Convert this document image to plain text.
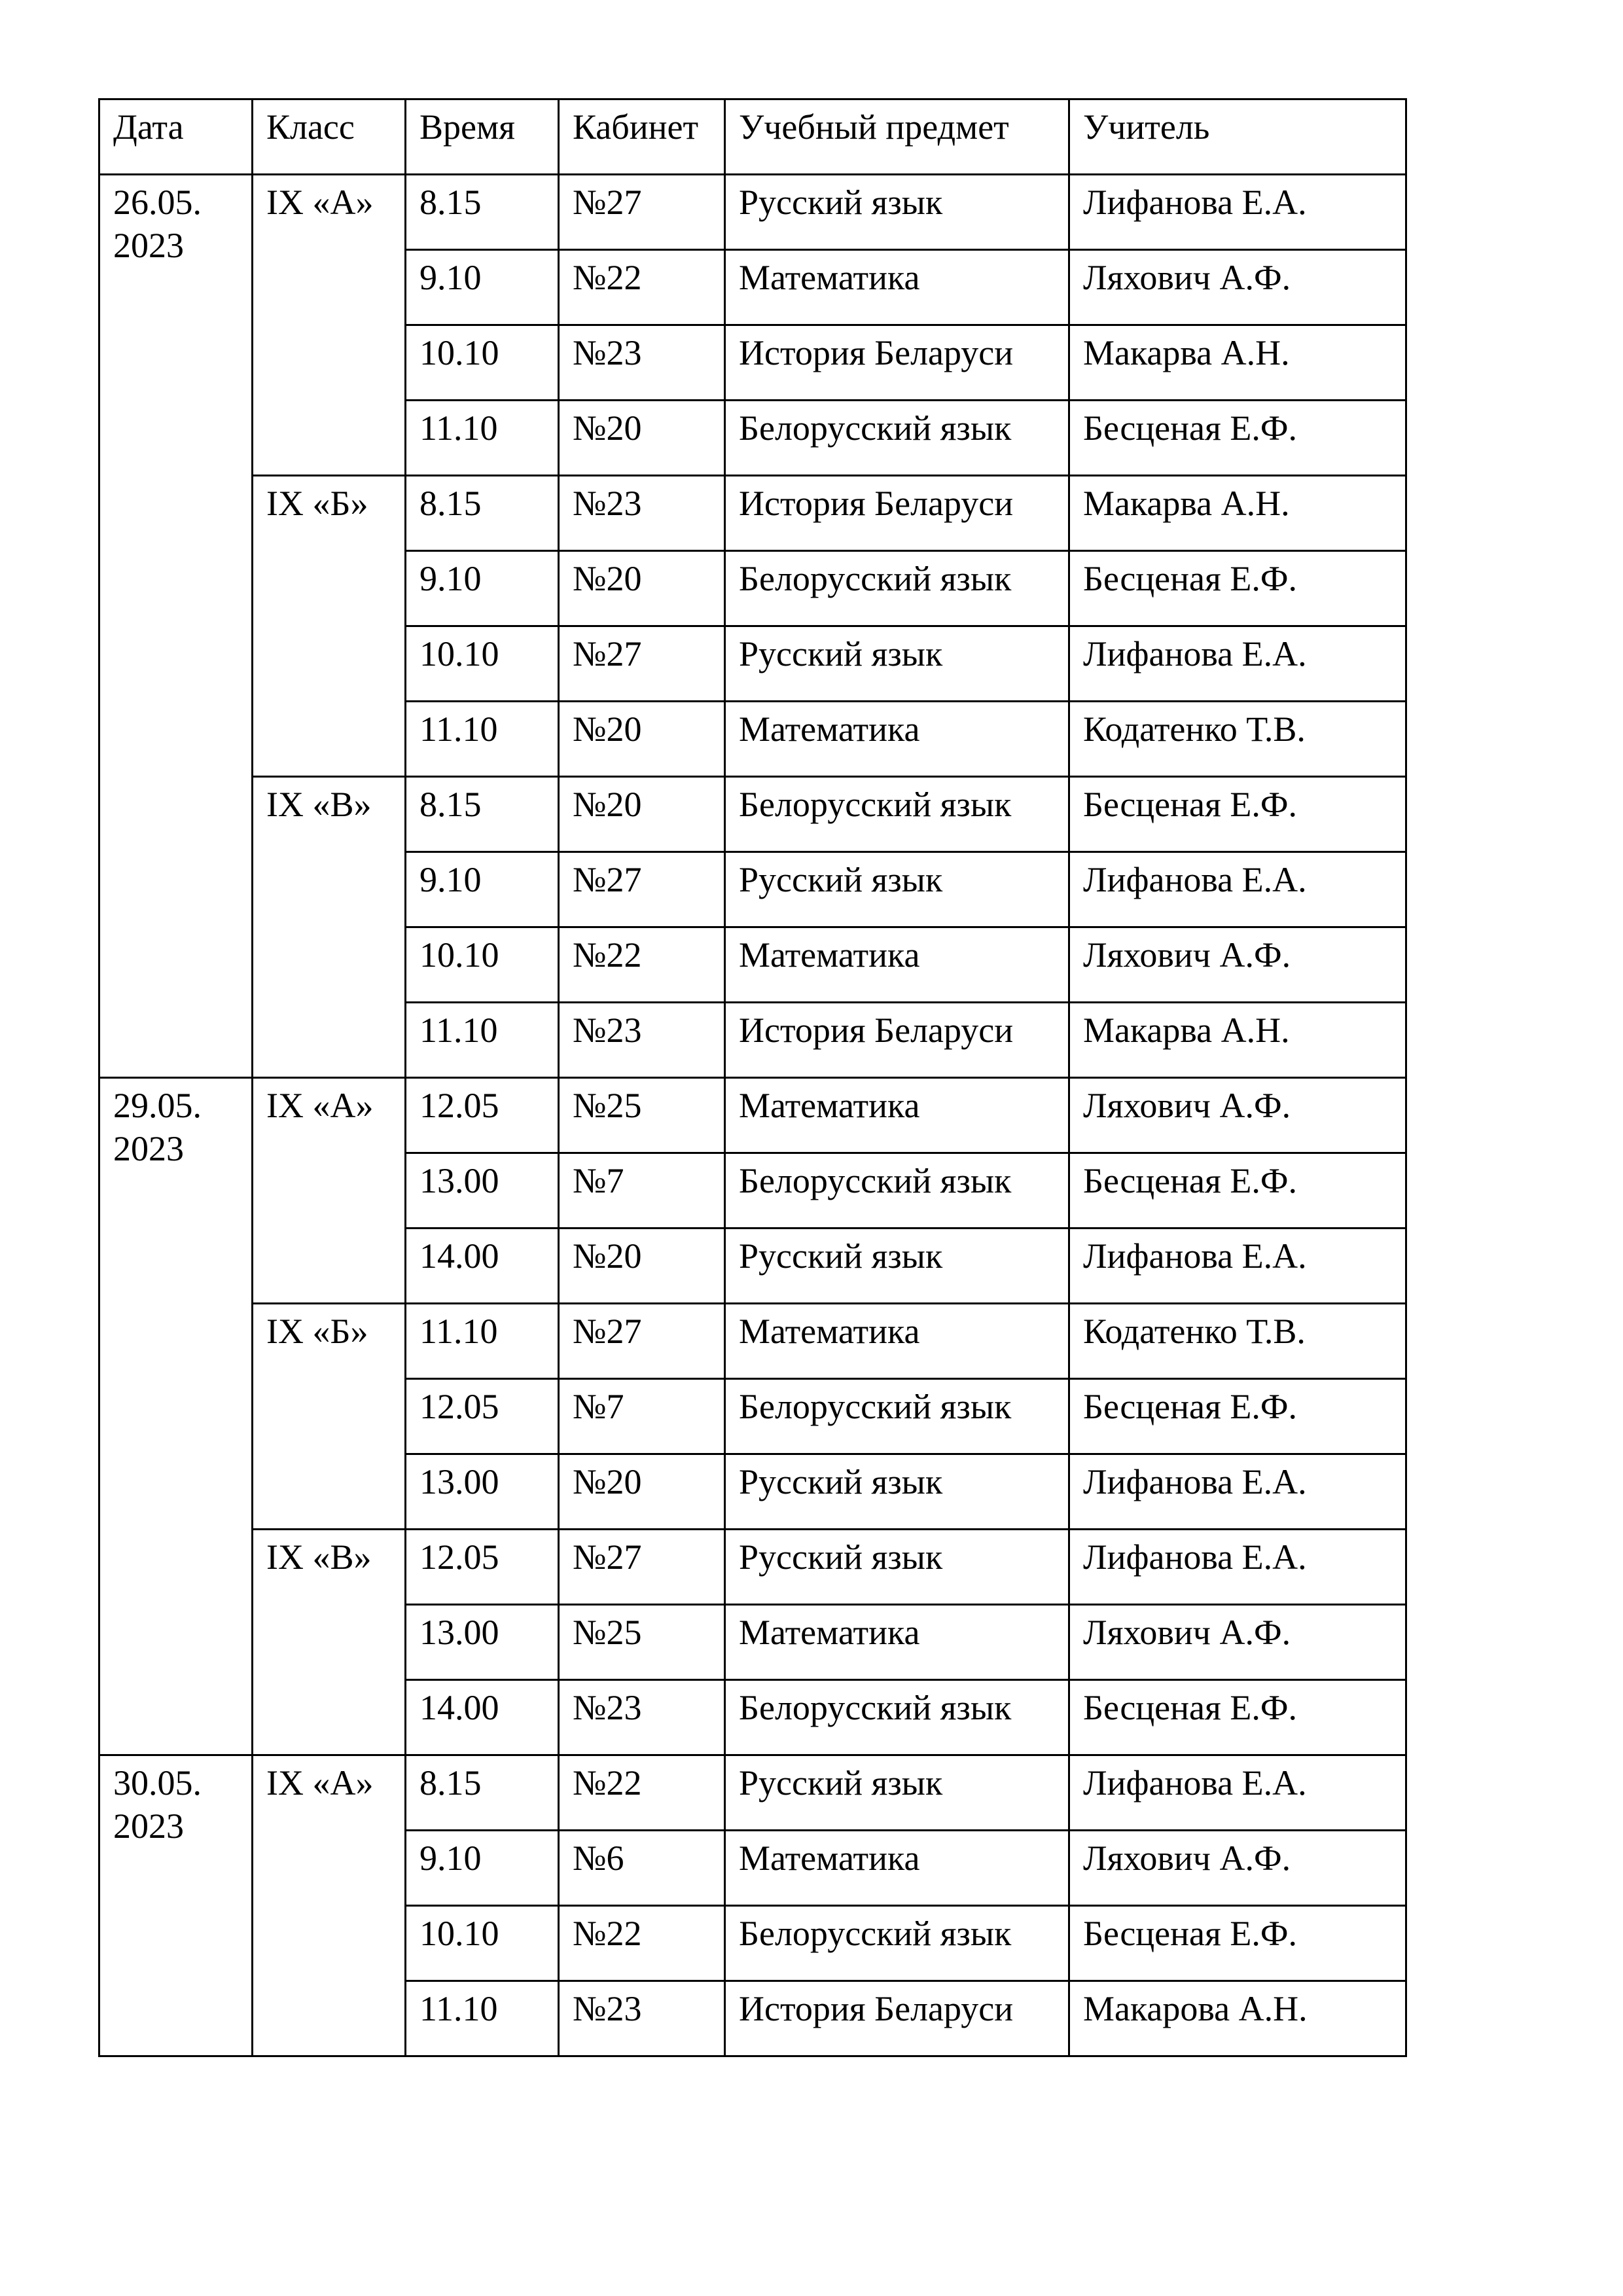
Дата	Класс	Время	Кабинет	Учебный предмет	Учитель

26.05.
2023	IX «А»	8.15	№27	Русский язык	Лифанова Е.А.
		9.10	№22	Математика	Ляхович А.Ф.
		10.10	№23	История Беларуси	Макарва А.Н.
		11.10	№20	Белорусский язык	Бесценая Е.Ф.
	IX «Б»	8.15	№23	История Беларуси	Макарва А.Н.
		9.10	№20	Белорусский язык	Бесценая Е.Ф.
		10.10	№27	Русский язык	Лифанова Е.А.
		11.10	№20	Математика	Кодатенко Т.В.
	IX «В»	8.15	№20	Белорусский язык	Бесценая Е.Ф.
		9.10	№27	Русский язык	Лифанова Е.А.
		10.10	№22	Математика	Ляхович А.Ф.
		11.10	№23	История Беларуси	Макарва А.Н.

29.05.
2023	IX «А»	12.05	№25	Математика	Ляхович А.Ф.
		13.00	№7	Белорусский язык	Бесценая Е.Ф.
		14.00	№20	Русский язык	Лифанова Е.А.
	IX «Б»	11.10	№27	Математика	Кодатенко Т.В.
		12.05	№7	Белорусский язык	Бесценая Е.Ф.
		13.00	№20	Русский язык	Лифанова Е.А.
	IX «В»	12.05	№27	Русский язык	Лифанова Е.А.
		13.00	№25	Математика	Ляхович А.Ф.
		14.00	№23	Белорусский язык	Бесценая Е.Ф.

30.05.
2023	IX «А»	8.15	№22	Русский язык	Лифанова Е.А.
		9.10	№6	Математика	Ляхович А.Ф.
		10.10	№22	Белорусский язык	Бесценая Е.Ф.
		11.10	№23	История Беларуси	Макарова А.Н.
